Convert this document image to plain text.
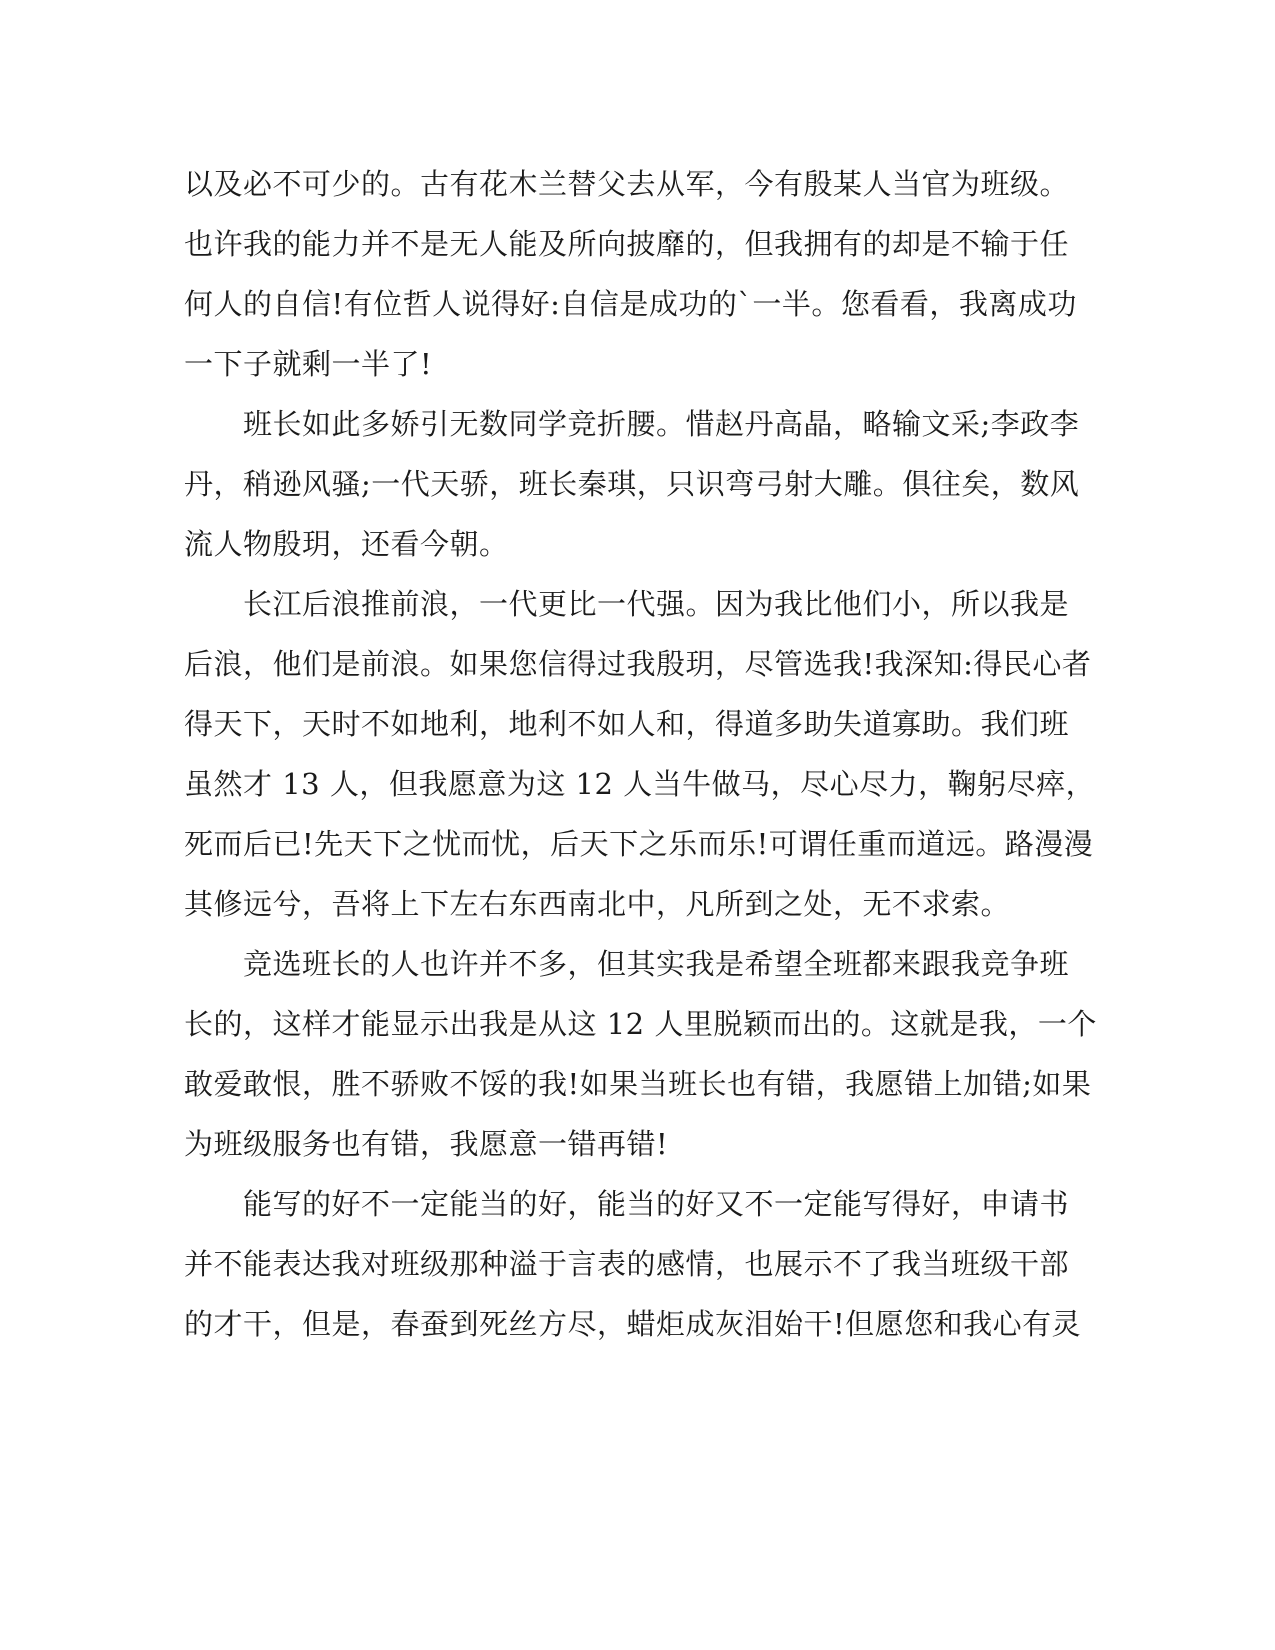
以及必不可少的。古有花木兰替父去从军，今有殷某人当官为班级。
也许我的能力并不是无人能及所向披靡的，但我拥有的却是不输于任
何人的自信!有位哲人说得好:自信是成功的`一半。您看看，我离成功
一下子就剩一半了!
　　班长如此多娇引无数同学竞折腰。惜赵丹高晶，略输文采;李政李
丹，稍逊风骚;一代天骄，班长秦琪，只识弯弓射大雕。俱往矣，数风
流人物殷玥，还看今朝。
　　长江后浪推前浪，一代更比一代强。因为我比他们小，所以我是
后浪，他们是前浪。如果您信得过我殷玥，尽管选我!我深知:得民心者
得天下，天时不如地利，地利不如人和，得道多助失道寡助。我们班
虽然才 13 人，但我愿意为这 12 人当牛做马，尽心尽力，鞠躬尽瘁，
死而后已!先天下之忧而忧，后天下之乐而乐!可谓任重而道远。路漫漫
其修远兮，吾将上下左右东西南北中，凡所到之处，无不求索。
　　竞选班长的人也许并不多，但其实我是希望全班都来跟我竞争班
长的，这样才能显示出我是从这 12 人里脱颖而出的。这就是我，一个
敢爱敢恨，胜不骄败不馁的我!如果当班长也有错，我愿错上加错;如果
为班级服务也有错，我愿意一错再错!
　　能写的好不一定能当的好，能当的好又不一定能写得好，申请书
并不能表达我对班级那种溢于言表的感情，也展示不了我当班级干部
的才干，但是，春蚕到死丝方尽，蜡炬成灰泪始干!但愿您和我心有灵
